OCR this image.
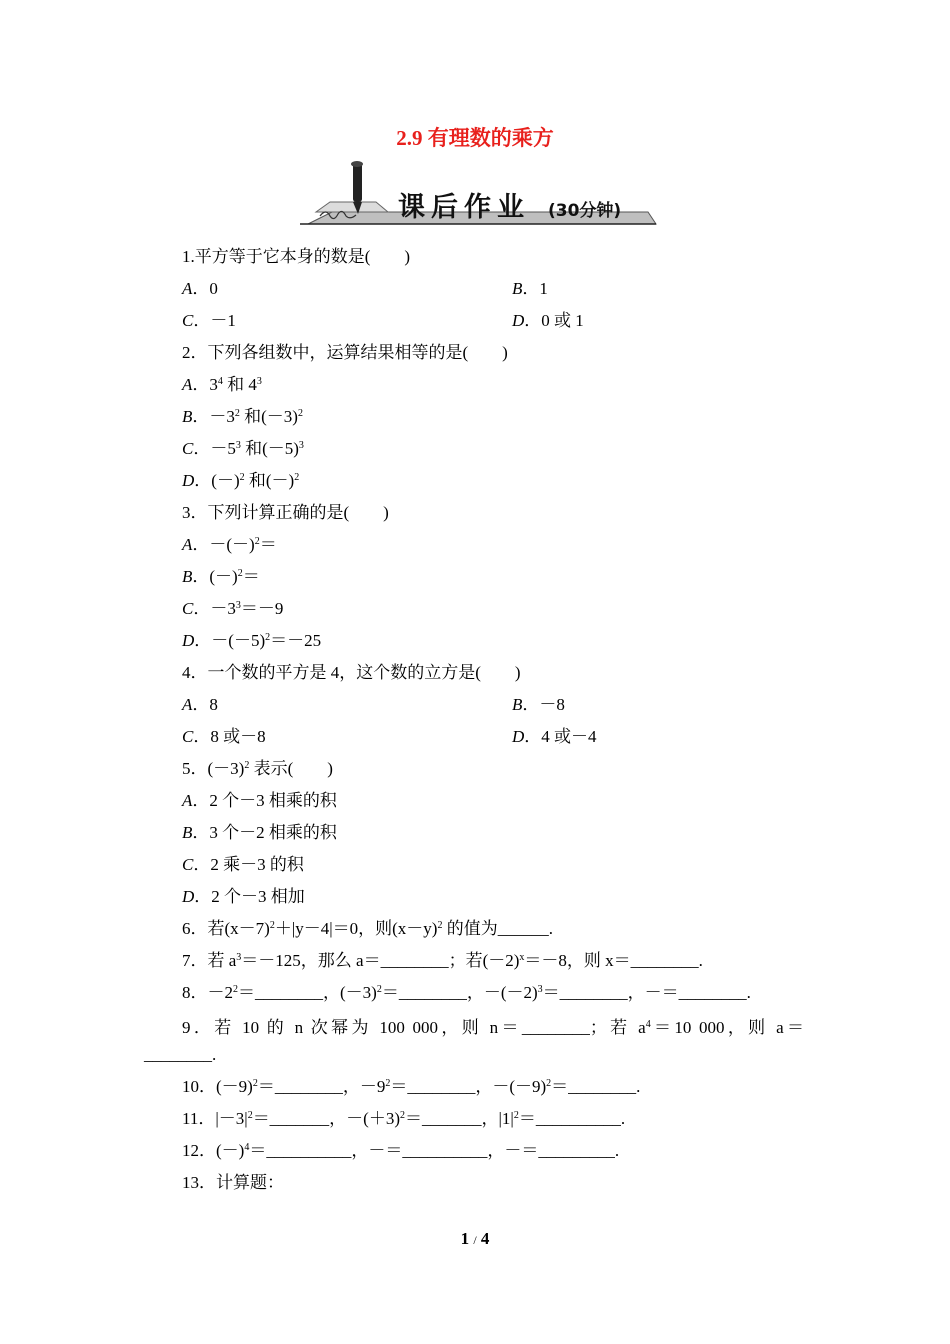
2.9 有理数的乘方
课后作业 (30分钟)
1.平方等于它本身的数是(　　)
A．0	B．1
C．－1	D．0 或 1
2．下列各组数中，运算结果相等的是(　　)
A．$3^4$ 和 $4^3$
B．$-3^2$ 和$(-3)^2$
C．$-5^3$ 和$(-5)^3$
D．$(-)^2$ 和$(-)^2$
3．下列计算正确的是(　　)
A．$-(-)^2=$
B．$(-)^2=$
C．$-3^3=-9$
D．$-(-5)^2=-25$
4．一个数的平方是 4，这个数的立方是(　　)
A．8	B．－8
C．8 或－8	D．4 或－4
5．$(-3)^2$ 表示(　　)
A．2 个－3 相乘的积
B．3 个－2 相乘的积
C．2 乘－3 的积
D．2 个－3 相加
6．若$(x-7)^2+|y-4|=0$，则$(x-y)^2$ 的值为______.
7．若 $a^3=-125$，那么 a＝________；若$(-2)^x=-8$，则 x＝________.
8．$-2^2=\_\_\_\_\_\_\_\_$，$(-3)^2=\_\_\_\_\_\_\_\_$，$-(-2)^3=\_\_\_\_\_\_\_\_$，－＝________.
9．若 10 的 n 次幂为 100 000，则 n＝________；若 $a^4=10$ 000，则 a＝
________.
10．$(-9)^2=\_\_\_\_\_\_\_\_$，$-9^2=\_\_\_\_\_\_\_\_$，$-(-9)^2=\_\_\_\_\_\_\_\_$.
11．$|-3|^2=\_\_\_\_\_\_\_$，$-(+3)^2=\_\_\_\_\_\_\_$，$|1|^2=\_\_\_\_\_\_\_\_\_\_$.
12．$(-)^4=\_\_\_\_\_\_\_\_\_\_$，－＝__________，－＝_________.
13．计算题：
1 / 4
